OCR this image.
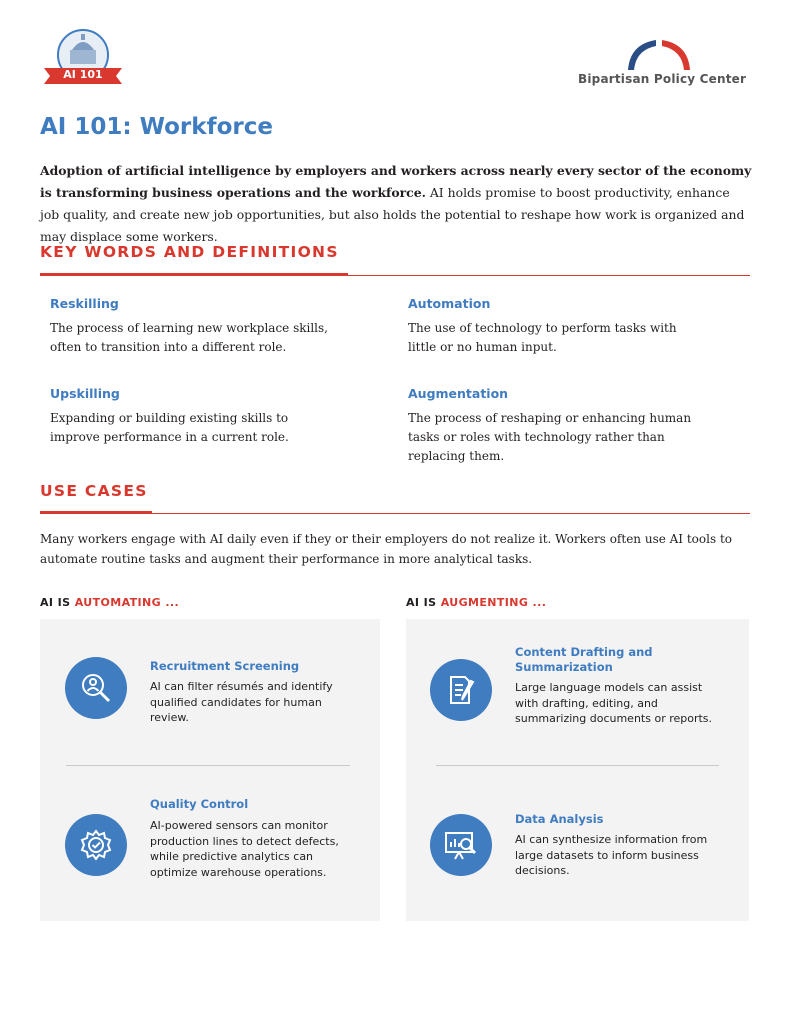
AI 101	Bipartisan Policy Center
AI 101: Workforce

Adoption of artificial intelligence by employers and workers across nearly every sector of the economy is transforming business operations and the workforce. AI holds promise to boost productivity, enhance job quality, and create new job opportunities, but also holds the potential to reshape how work is organized and may displace some workers.

KEY WORDS AND DEFINITIONS

Reskilling

The process of learning new workplace skills, often to transition into a different role.

Automation

The use of technology to perform tasks with little or no human input.

Upskilling

Expanding or building existing skills to improve performance in a current role.

Augmentation

The process of reshaping or enhancing human tasks or roles with technology rather than replacing them.

USE CASES

Many workers engage with AI daily even if they or their employers do not realize it. Workers often use AI tools to automate routine tasks and augment their performance in more analytical tasks.

AI IS AUTOMATING ...	AI IS AUGMENTING ...

Recruitment Screening

AI can filter résumés and identify qualified candidates for human review.

Quality Control

AI-powered sensors can monitor production lines to detect defects, while predictive analytics can optimize warehouse operations.

Content Drafting and Summarization

Large language models can assist with drafting, editing, and summarizing documents or reports.

Data Analysis

AI can synthesize information from large datasets to inform business decisions.
